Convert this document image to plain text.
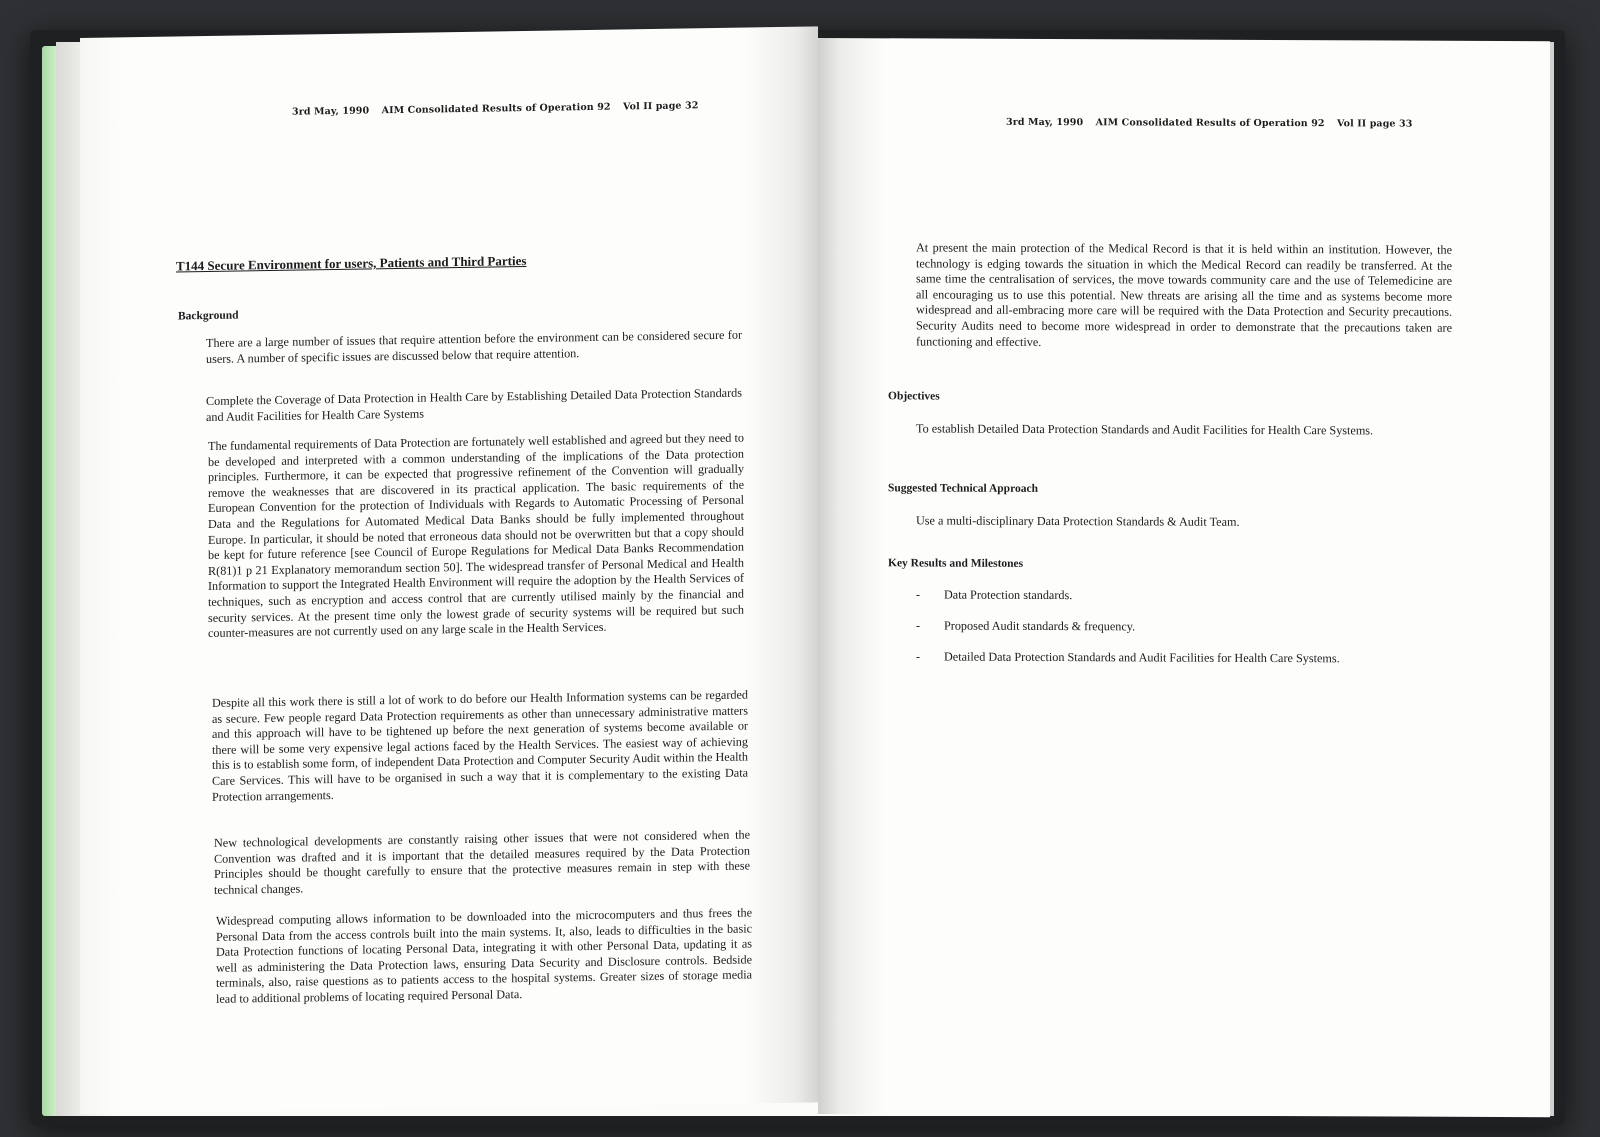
3rd May, 1990 AIM Consolidated Results of Operation 92 Vol II page 32
T144 Secure Environment for users, Patients and Third Parties
Background

There are a large number of issues that require attention before the environment can be considered secure for users. A number of specific issues are discussed below that require attention.

Complete the Coverage of Data Protection in Health Care by Establishing Detailed Data Protection Standards and Audit Facilities for Health Care Systems

The fundamental requirements of Data Protection are fortunately well established and agreed but they need to be developed and interpreted with a common understanding of the implications of the Data protection principles. Furthermore, it can be expected that progressive refinement of the Convention will gradually remove the weaknesses that are discovered in its practical application. The basic requirements of the European Convention for the protection of Individuals with Regards to Automatic Processing of Personal Data and the Regulations for Automated Medical Data Banks should be fully implemented throughout Europe. In particular, it should be noted that erroneous data should not be overwritten but that a copy should be kept for future reference [see Council of Europe Regulations for Medical Data Banks Recommendation R(81)1 p 21 Explanatory memorandum section 50]. The widespread transfer of Personal Medical and Health Information to support the Integrated Health Environment will require the adoption by the Health Services of techniques, such as encryption and access control that are currently utilised mainly by the financial and security services. At the present time only the lowest grade of security systems will be required but such counter-measures are not currently used on any large scale in the Health Services.

Despite all this work there is still a lot of work to do before our Health Information systems can be regarded as secure. Few people regard Data Protection requirements as other than unnecessary administrative matters and this approach will have to be tightened up before the next generation of systems become available or there will be some very expensive legal actions faced by the Health Services. The easiest way of achieving this is to establish some form, of independent Data Protection and Computer Security Audit within the Health Care Services. This will have to be organised in such a way that it is complementary to the existing Data Protection arrangements.

New technological developments are constantly raising other issues that were not considered when the Convention was drafted and it is important that the detailed measures required by the Data Protection Principles should be thought carefully to ensure that the protective measures remain in step with these technical changes.

Widespread computing allows information to be downloaded into the microcomputers and thus frees the Personal Data from the access controls built into the main systems. It, also, leads to difficulties in the basic Data Protection functions of locating Personal Data, integrating it with other Personal Data, updating it as well as administering the Data Protection laws, ensuring Data Security and Disclosure controls. Bedside terminals, also, raise questions as to patients access to the hospital systems. Greater sizes of storage media lead to additional problems of locating required Personal Data.

3rd May, 1990 AIM Consolidated Results of Operation 92 Vol II page 33

At present the main protection of the Medical Record is that it is held within an institution. However, the technology is edging towards the situation in which the Medical Record can readily be transferred. At the same time the centralisation of services, the move towards community care and the use of Telemedicine are all encouraging us to use this potential. New threats are arising all the time and as systems become more widespread and all-embracing more care will be required with the Data Protection and Security precautions. Security Audits need to become more widespread in order to demonstrate that the precautions taken are functioning and effective.

Objectives

To establish Detailed Data Protection Standards and Audit Facilities for Health Care Systems.

Suggested Technical Approach

Use a multi-disciplinary Data Protection Standards & Audit Team.

Key Results and Milestones
- Data Protection standards.
- Proposed Audit standards & frequency.
- Detailed Data Protection Standards and Audit Facilities for Health Care Systems.
